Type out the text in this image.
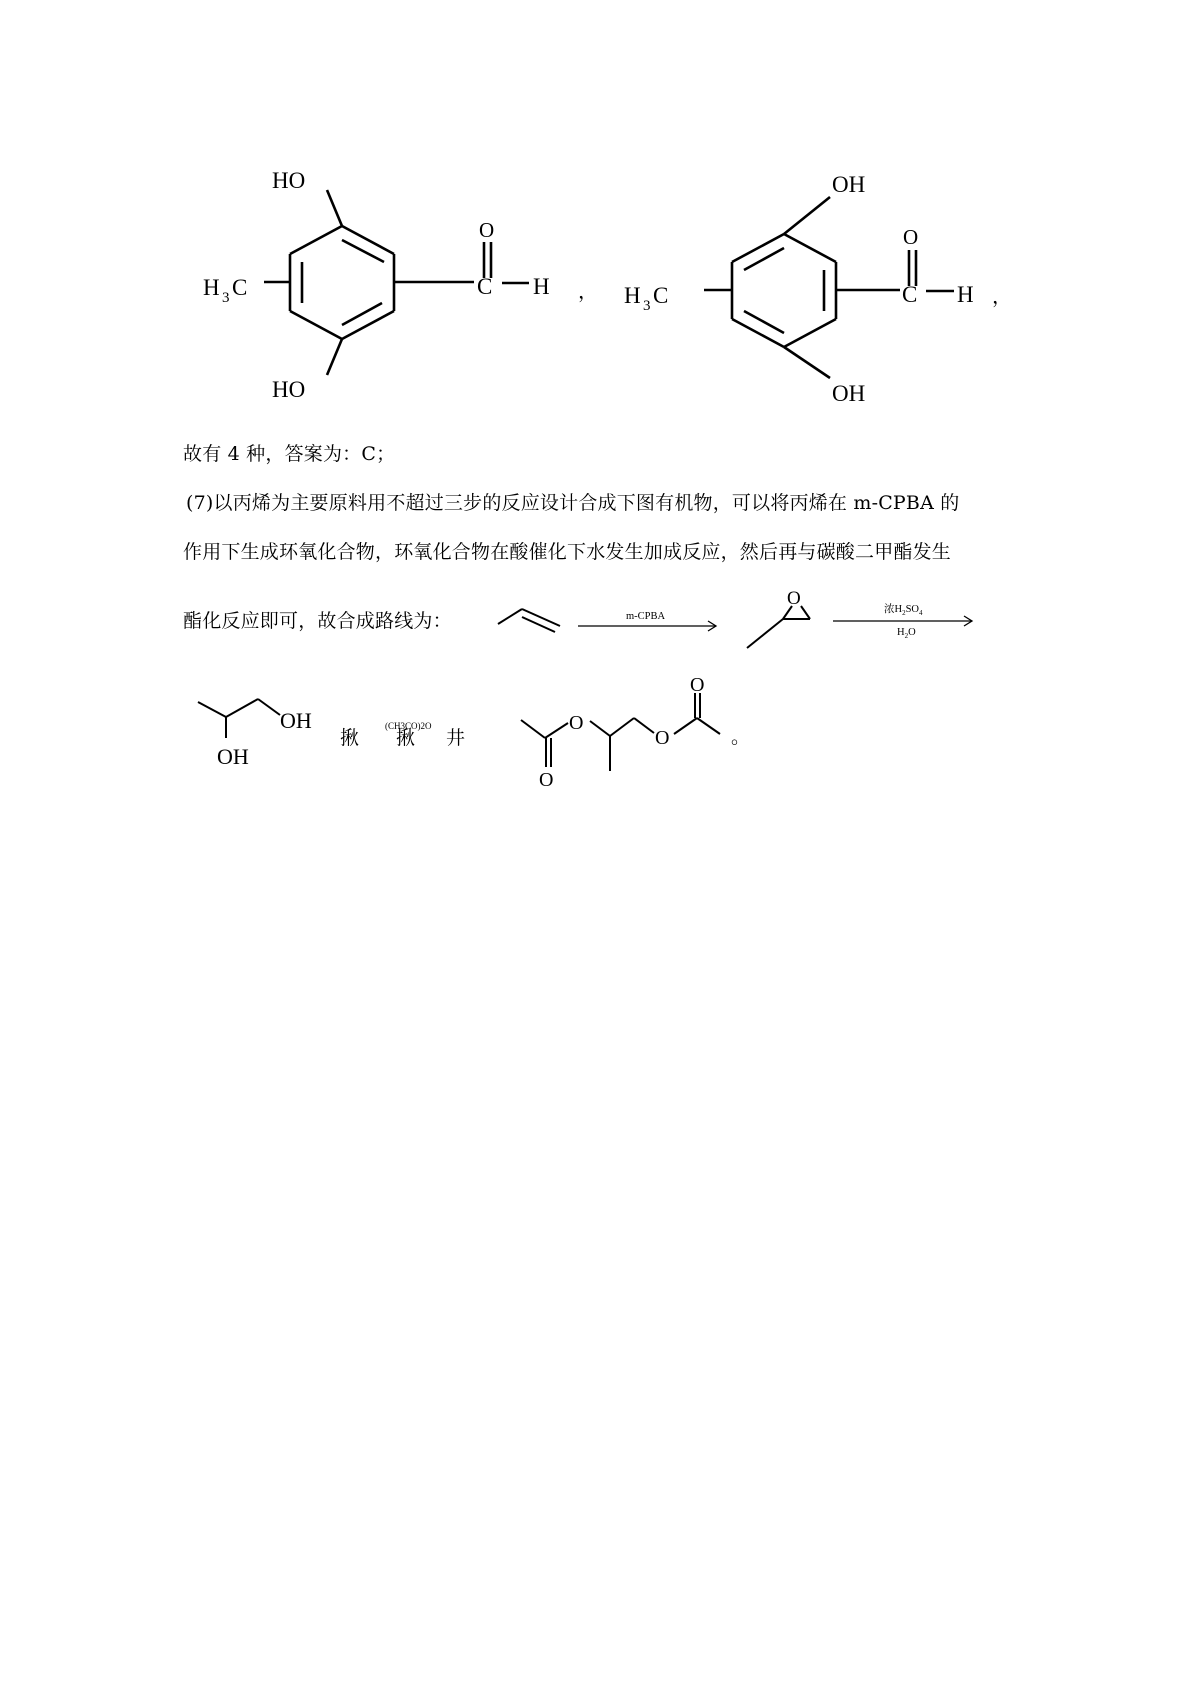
HO
HO
H 3 C
O
C H ，
OH
OH
H 3 C
O
C H ，
故有 4 种，答案为：C；
(7)以丙烯为主要原料用不超过三步的反应设计合成下图有机物，可以将丙烯在 m-CPBA 的
作用下生成环氧化合物，环氧化合物在酸催化下水发生加成反应，然后再与碳酸二甲酯发生
酯化反应即可，故合成路线为：	m-CPBA
O
浓$H_2SO_4$
$H_2O$
OH
OH
揪 揪
(CH3CO)2O
井
O
O
O
O
。
